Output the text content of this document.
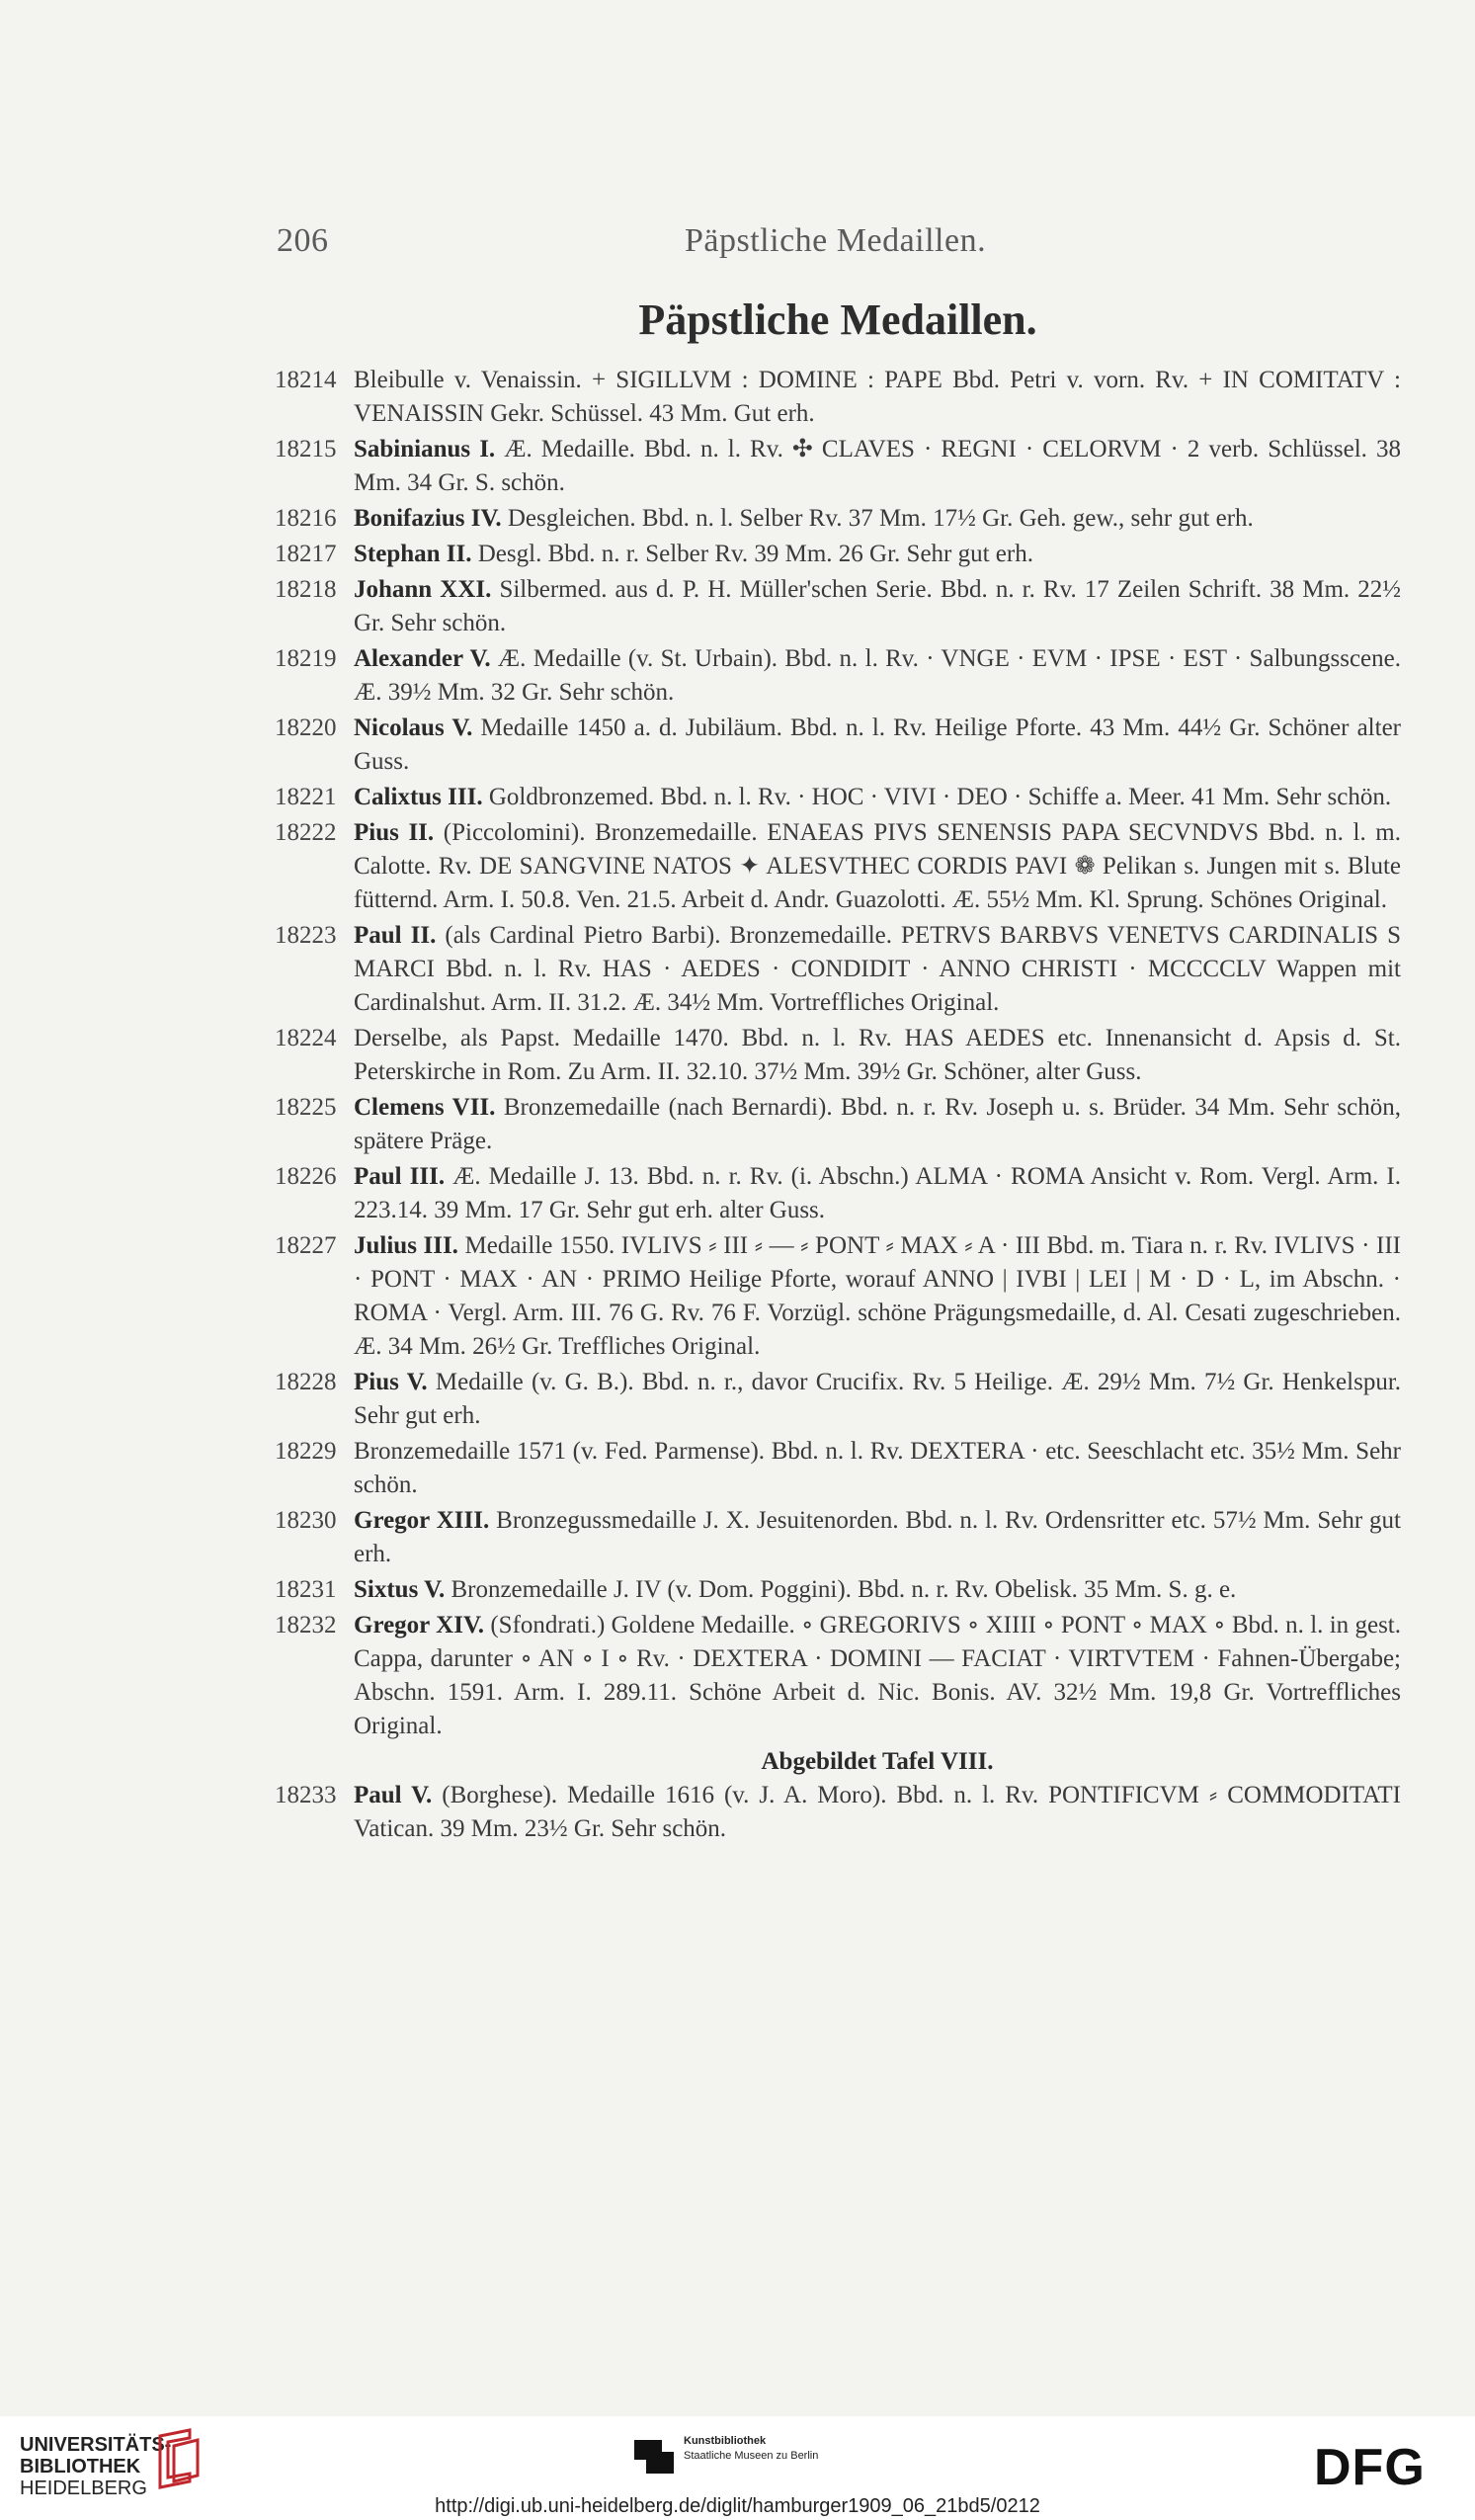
206	Päpstliche Medaillen.
Päpstliche Medaillen.
18214 Bleibulle v. Venaissin. + SIGILLVM : DOMINE : PAPE Bbd. Petri v. vorn. Rv. + IN COMITATV : VENAISSIN Gekr. Schüssel. 43 Mm. Gut erh.
18215 Sabinianus I. Æ. Medaille. Bbd. n. l. Rv. ✣ CLAVES · REGNI · CELORVM · 2 verb. Schlüssel. 38 Mm. 34 Gr. S. schön.
18216 Bonifazius IV. Desgleichen. Bbd. n. l. Selber Rv. 37 Mm. 17½ Gr. Geh. gew., sehr gut erh.
18217 Stephan II. Desgl. Bbd. n. r. Selber Rv. 39 Mm. 26 Gr. Sehr gut erh.
18218 Johann XXI. Silbermed. aus d. P. H. Müller'schen Serie. Bbd. n. r. Rv. 17 Zeilen Schrift. 38 Mm. 22½ Gr. Sehr schön.
18219 Alexander V. Æ. Medaille (v. St. Urbain). Bbd. n. l. Rv. · VNGE · EVM · IPSE · EST · Salbungsscene. Æ. 39½ Mm. 32 Gr. Sehr schön.
18220 Nicolaus V. Medaille 1450 a. d. Jubiläum. Bbd. n. l. Rv. Heilige Pforte. 43 Mm. 44½ Gr. Schöner alter Guss.
18221 Calixtus III. Goldbronzemed. Bbd. n. l. Rv. · HOC · VIVI · DEO · Schiffe a. Meer. 41 Mm. Sehr schön.
18222 Pius II. (Piccolomini). Bronzemedaille. ENAEAS PIVS SENENSIS PAPA SECVNDVS Bbd. n. l. m. Calotte. Rv. DE SANGVINE NATOS ✦ ALESVTHEC CORDIS PAVI ❁ Pelikan s. Jungen mit s. Blute fütternd. Arm. I. 50.8. Ven. 21.5. Arbeit d. Andr. Guazolotti. Æ. 55½ Mm. Kl. Sprung. Schönes Original.
18223 Paul II. (als Cardinal Pietro Barbi). Bronzemedaille. PETRVS BARBVS VENETVS CARDINALIS S MARCI Bbd. n. l. Rv. HAS · AEDES · CONDIDIT · ANNO CHRISTI · MCCCCLV Wappen mit Cardinalshut. Arm. II. 31.2. Æ. 34½ Mm. Vortreffliches Original.
18224 Derselbe, als Papst. Medaille 1470. Bbd. n. l. Rv. HAS AEDES etc. Innenansicht d. Apsis d. St. Peterskirche in Rom. Zu Arm. II. 32.10. 37½ Mm. 39½ Gr. Schöner, alter Guss.
18225 Clemens VII. Bronzemedaille (nach Bernardi). Bbd. n. r. Rv. Joseph u. s. Brüder. 34 Mm. Sehr schön, spätere Präge.
18226 Paul III. Æ. Medaille J. 13. Bbd. n. r. Rv. (i. Abschn.) ALMA · ROMA Ansicht v. Rom. Vergl. Arm. I. 223.14. 39 Mm. 17 Gr. Sehr gut erh. alter Guss.
18227 Julius III. Medaille 1550. IVLIVS ⸗ III ⸗ — ⸗ PONT ⸗ MAX ⸗ A · III Bbd. m. Tiara n. r. Rv. IVLIVS · III · PONT · MAX · AN · PRIMO Heilige Pforte, worauf ANNO | IVBI | LEI | M · D · L, im Abschn. · ROMA · Vergl. Arm. III. 76 G. Rv. 76 F. Vorzügl. schöne Prägungsmedaille, d. Al. Cesati zugeschrieben. Æ. 34 Mm. 26½ Gr. Treffliches Original.
18228 Pius V. Medaille (v. G. B.). Bbd. n. r., davor Crucifix. Rv. 5 Heilige. Æ. 29½ Mm. 7½ Gr. Henkelspur. Sehr gut erh.
18229 Bronzemedaille 1571 (v. Fed. Parmense). Bbd. n. l. Rv. DEXTERA · etc. Seeschlacht etc. 35½ Mm. Sehr schön.
18230 Gregor XIII. Bronzegussmedaille J. X. Jesuitenorden. Bbd. n. l. Rv. Ordensritter etc. 57½ Mm. Sehr gut erh.
18231 Sixtus V. Bronzemedaille J. IV (v. Dom. Poggini). Bbd. n. r. Rv. Obelisk. 35 Mm. S. g. e.
18232 Gregor XIV. (Sfondrati.) Goldene Medaille. ∘ GREGORIVS ∘ XIIII ∘ PONT ∘ MAX ∘ Bbd. n. l. in gest. Cappa, darunter ∘ AN ∘ I ∘ Rv. · DEXTERA · DOMINI — FACIAT · VIRTVTEM · Fahnen-Übergabe; Abschn. 1591. Arm. I. 289.11. Schöne Arbeit d. Nic. Bonis. AV. 32½ Mm. 19,8 Gr. Vortreffliches Original.
Abgebildet Tafel VIII.
18233 Paul V. (Borghese). Medaille 1616 (v. J. A. Moro). Bbd. n. l. Rv. PONTIFICVM ⸗ COMMODITATI Vatican. 39 Mm. 23½ Gr. Sehr schön.
UNIVERSITÄTS-
BIBLIOTHEK
HEIDELBERG
Kunstbibliothek
Staatliche Museen zu Berlin	DFG
http://digi.ub.uni-heidelberg.de/diglit/hamburger1909_06_21bd5/0212
